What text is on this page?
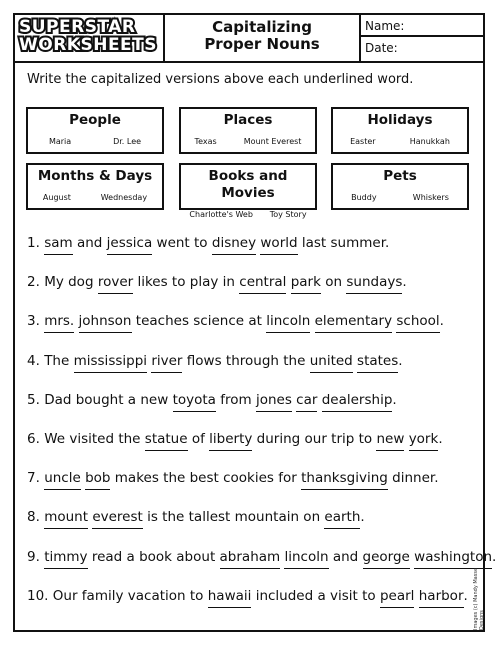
SUPERSTAR
WORKSHEETS
Capitalizing
Proper Nouns
Name:
Date:
Write the capitalized versions above each underlined word.
People
Maria	Dr. Lee
Places
Texas	Mount Everest
Holidays
Easter	Hanukkah
Months & Days
August	Wednesday
Books and Movies
Charlotte's Web Toy Story
Pets
Buddy	Whiskers
1. sam and jessica went to disney world last summer.
2. My dog rover likes to play in central park on sundays.
3. mrs. johnson teaches science at lincoln elementary school.
4. The mississippi river flows through the united states.
5. Dad bought a new toyota from jones car dealership.
6. We visited the statue of liberty during our trip to new york.
7. uncle bob makes the best cookies for thanksgiving dinner.
8. mount everest is the tallest mountain on earth.
9. timmy read a book about abraham lincoln and george washington.
10. Our family vacation to hawaii included a visit to pearl harbor. Images (c) Mandy Masse Designs
